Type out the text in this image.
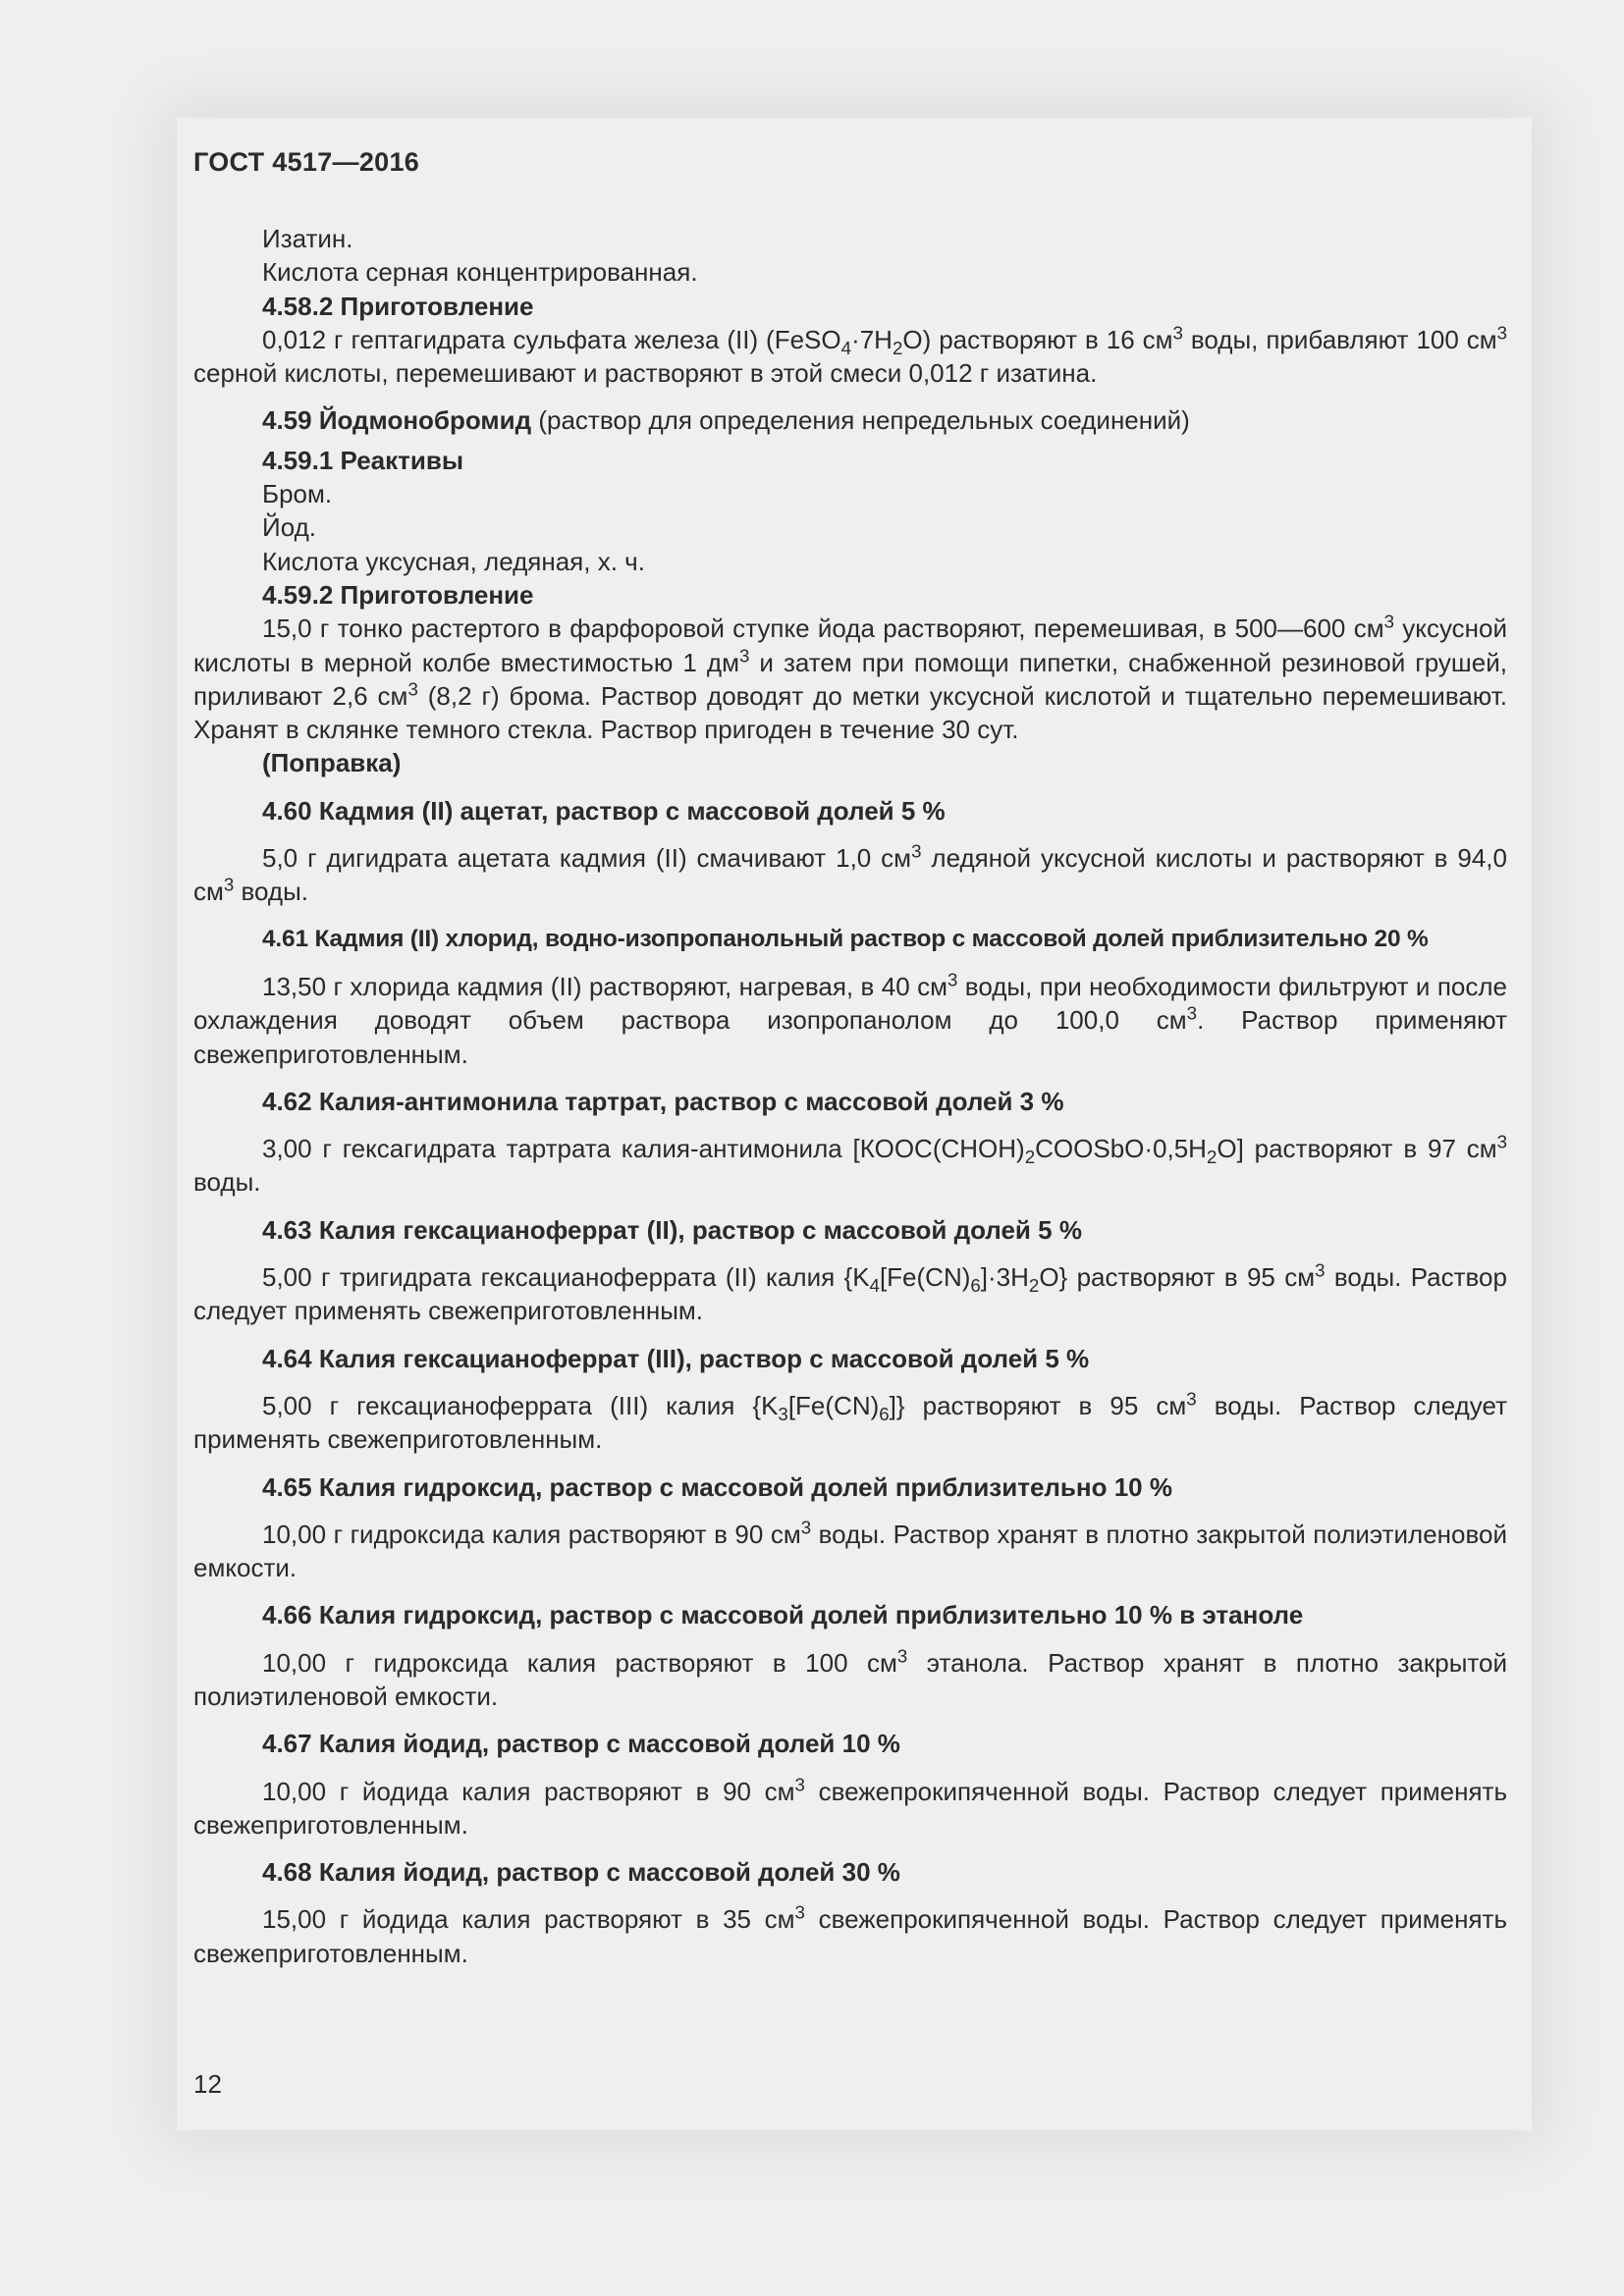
ГОСТ 4517—2016

Изатин.

Кислота серная концентрированная.

4.58.2 Приготовление

0,012 г гептагидрата сульфата железа (II) $(FeSO_4\cdot 7H_2O)$ растворяют в 16 $см^3$ воды, прибавляют 100 $см^3$ серной кислоты, перемешивают и растворяют в этой смеси 0,012 г изатина.

4.59 Йодмонобромид (раствор для определения непредельных соединений)

4.59.1 Реактивы

Бром.

Йод.

Кислота уксусная, ледяная, х. ч.

4.59.2 Приготовление

15,0 г тонко растертого в фарфоровой ступке йода растворяют, перемешивая, в 500—600 $см^3$ уксусной кислоты в мерной колбе вместимостью 1 $дм^3$ и затем при помощи пипетки, снабженной резиновой грушей, приливают 2,6 $см^3$ (8,2 г) брома. Раствор доводят до метки уксусной кислотой и тщательно перемешивают. Хранят в склянке темного стекла. Раствор пригоден в течение 30 сут.

(Поправка)

4.60 Кадмия (II) ацетат, раствор с массовой долей 5 %

5,0 г дигидрата ацетата кадмия (II) смачивают 1,0 $см^3$ ледяной уксусной кислоты и растворяют в 94,0 $см^3$ воды.

4.61 Кадмия (II) хлорид, водно-изопропанольный раствор с массовой долей приблизительно 20 %

13,50 г хлорида кадмия (II) растворяют, нагревая, в 40 $см^3$ воды, при необходимости фильтруют и после охлаждения доводят объем раствора изопропанолом до 100,0 $см^3$. Раствор применяют свежеприготовленным.

4.62 Калия-антимонила тартрат, раствор с массовой долей 3 %

3,00 г гексагидрата тартрата калия-антимонила $[КООС(СНОН)_2COOSbO\cdot 0,5H_2O]$ растворяют в 97 $см^3$ воды.

4.63 Калия гексацианоферрат (II), раствор с массовой долей 5 %

5,00 г тригидрата гексацианоферрата (II) калия $\{K_4[Fe(CN)_6]\cdot 3H_2O\}$ растворяют в 95 $см^3$ воды. Раствор следует применять свежеприготовленным.

4.64 Калия гексацианоферрат (III), раствор с массовой долей 5 %

5,00 г гексацианоферрата (III) калия $\{K_3[Fe(CN)_6]\}$ растворяют в 95 $см^3$ воды. Раствор следует применять свежеприготовленным.

4.65 Калия гидроксид, раствор с массовой долей приблизительно 10 %

10,00 г гидроксида калия растворяют в 90 $см^3$ воды. Раствор хранят в плотно закрытой полиэтиленовой емкости.

4.66 Калия гидроксид, раствор с массовой долей приблизительно 10 % в этаноле

10,00 г гидроксида калия растворяют в 100 $см^3$ этанола. Раствор хранят в плотно закрытой полиэтиленовой емкости.

4.67 Калия йодид, раствор с массовой долей 10 %

10,00 г йодида калия растворяют в 90 $см^3$ свежепрокипяченной воды. Раствор следует применять свежеприготовленным.

4.68 Калия йодид, раствор с массовой долей 30 %

15,00 г йодида калия растворяют в 35 $см^3$ свежепрокипяченной воды. Раствор следует применять свежеприготовленным.

12
